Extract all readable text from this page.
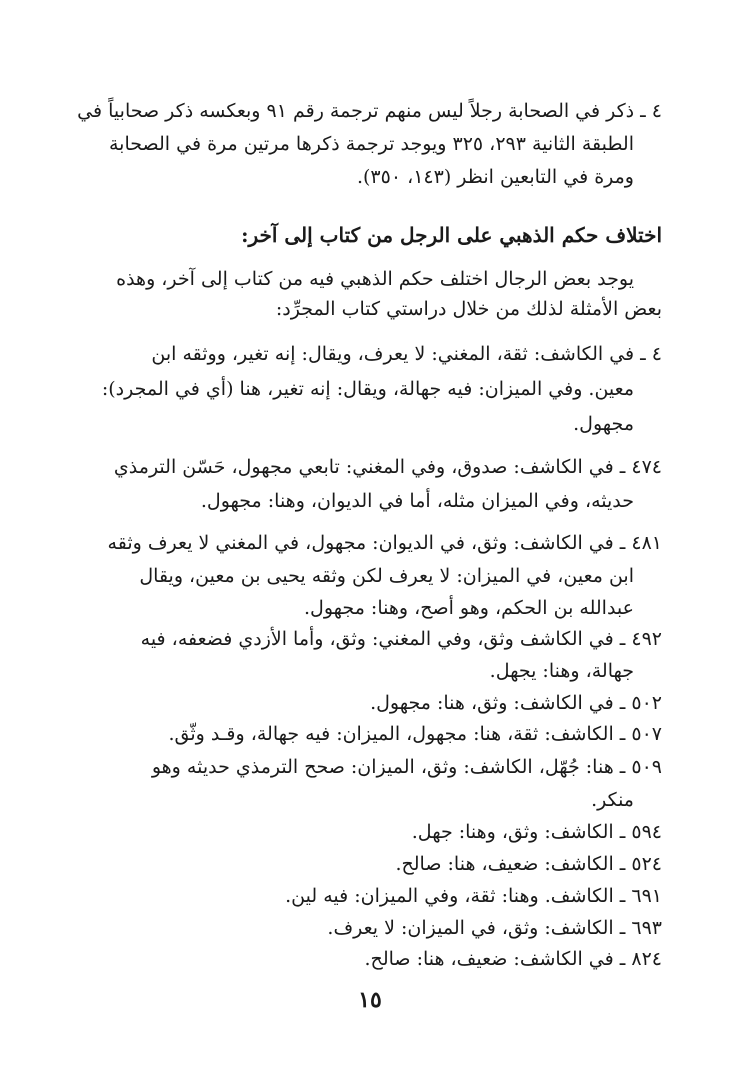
٤ ـ ذكر في الصحابة رجلاً ليس منهم ترجمة رقم ٩١ وبعكسه ذكر صحابياً في
الطبقة الثانية ٢٩٣، ٣٢٥ ويوجد ترجمة ذكرها مرتين مرة في الصحابة
ومرة في التابعين انظر (١٤٣، ٣٥٠).
اختلاف حكم الذهبي على الرجل من كتاب إلى آخر:
يوجد بعض الرجال اختلف حكم الذهبي فيه من كتاب إلى آخر، وهذه
بعض الأمثلة لذلك من خلال دراستي كتاب المجرِّد:
٤ ـ في الكاشف: ثقة، المغني: لا يعرف، ويقال: إنه تغير، ووثقه ابن
معين. وفي الميزان: فيه جهالة، ويقال: إنه تغير، هنا (أي في المجرد):
مجهول.
٤٧٤ ـ في الكاشف: صدوق، وفي المغني: تابعي مجهول، حَسّن الترمذي
حديثه، وفي الميزان مثله، أما في الديوان، وهنا: مجهول.
٤٨١ ـ في الكاشف: وثق، في الديوان: مجهول، في المغني لا يعرف وثقه
ابن معين، في الميزان: لا يعرف لكن وثقه يحيى بن معين، ويقال
عبدالله بن الحكم، وهو أصح، وهنا: مجهول.
٤٩٢ ـ في الكاشف وثق، وفي المغني: وثق، وأما الأزدي فضعفه، فيه
جهالة، وهنا: يجهل.
٥٠٢ ـ في الكاشف: وثق، هنا: مجهول.
٥٠٧ ـ الكاشف: ثقة، هنا: مجهول، الميزان: فيه جهالة، وقـد وثّق.
٥٠٩ ـ هنا: جُهّل، الكاشف: وثق، الميزان: صحح الترمذي حديثه وهو
منكر.
٥٩٤ ـ الكاشف: وثق، وهنا: جهل.
٥٢٤ ـ الكاشف: ضعيف، هنا: صالح.
٦٩١ ـ الكاشف. وهنا: ثقة، وفي الميزان: فيه لين.
٦٩٣ ـ الكاشف: وثق، في الميزان: لا يعرف.
٨٢٤ ـ في الكاشف: ضعيف، هنا: صالح.
١٥
